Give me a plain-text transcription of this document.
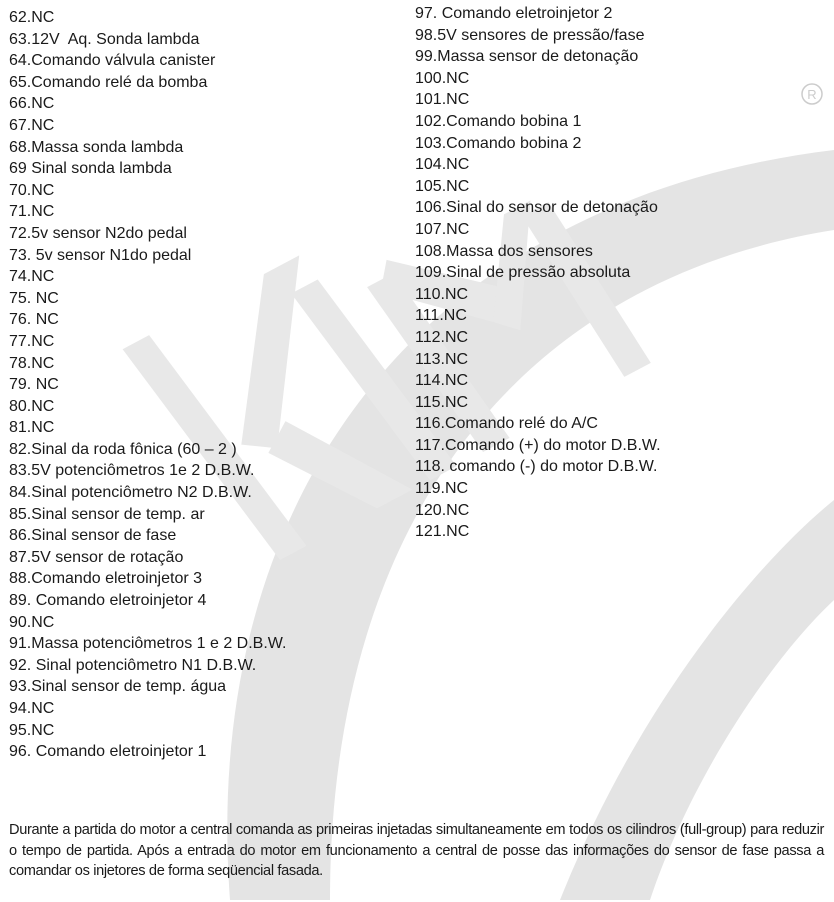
R
62.NC
63.12V  Aq. Sonda lambda
64.Comando válvula canister
65.Comando relé da bomba
66.NC
67.NC
68.Massa sonda lambda
69 Sinal sonda lambda
70.NC
71.NC
72.5v sensor N2do pedal
73. 5v sensor N1do pedal
74.NC
75. NC
76. NC
77.NC
78.NC
79. NC
80.NC
81.NC
82.Sinal da roda fônica (60 – 2 )
83.5V potenciômetros 1e 2 D.B.W.
84.Sinal potenciômetro N2 D.B.W.
85.Sinal sensor de temp. ar
86.Sinal sensor de fase
87.5V sensor de rotação
88.Comando eletroinjetor 3
89. Comando eletroinjetor 4
90.NC
91.Massa potenciômetros 1 e 2 D.B.W.
92. Sinal potenciômetro N1 D.B.W.
93.Sinal sensor de temp. água
94.NC
95.NC
96. Comando eletroinjetor 1
97. Comando eletroinjetor 2
98.5V sensores de pressão/fase
99.Massa sensor de detonação
100.NC
101.NC
102.Comando bobina 1
103.Comando bobina 2
104.NC
105.NC
106.Sinal do sensor de detonação
107.NC
108.Massa dos sensores
109.Sinal de pressão absoluta
110.NC
111.NC
112.NC
113.NC
114.NC
115.NC
116.Comando relé do A/C
117.Comando (+) do motor D.B.W.
118. comando (-) do motor D.B.W.
119.NC
120.NC
121.NC
Durante a partida do motor a central comanda as primeiras injetadas simultaneamente em todos os cilindros (full-group) para reduzir o tempo de partida. Após a entrada do motor em funcionamento a central de posse das informações do sensor de fase passa a comandar os injetores de forma seqüencial fasada.
